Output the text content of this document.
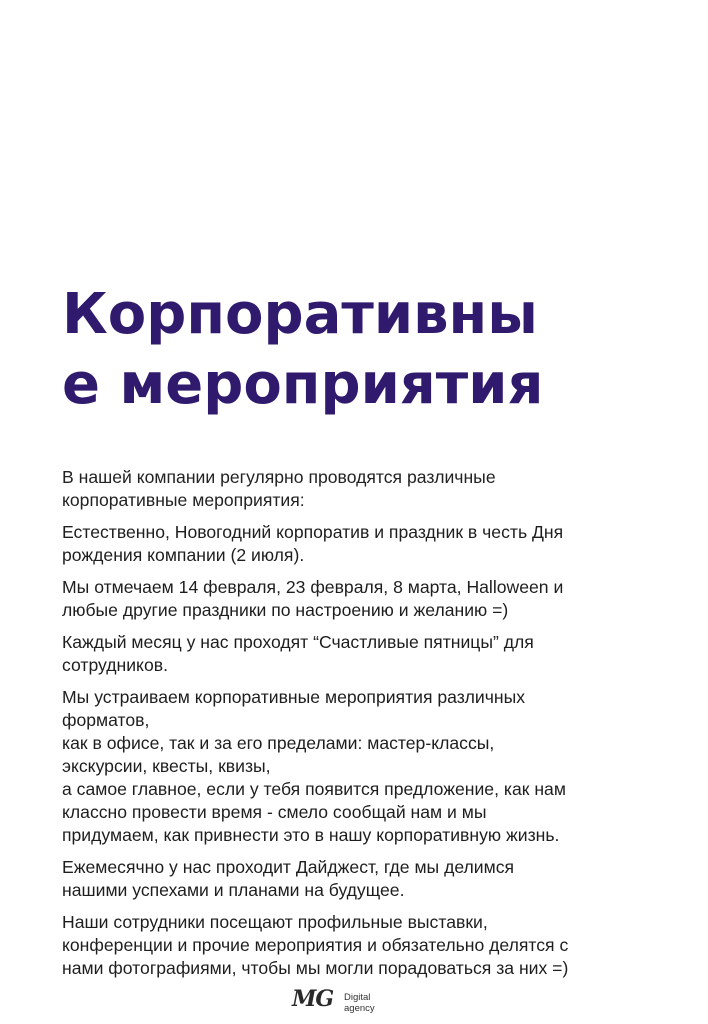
Корпоративны
е мероприятия

В нашей компании регулярно проводятся различные
корпоративные мероприятия:

Естественно, Новогодний корпоратив и праздник в честь Дня
рождения компании (2 июля).

Мы отмечаем 14 февраля, 23 февраля, 8 марта, Halloween и
любые другие праздники по настроению и желанию =)

Каждый месяц у нас проходят “Счастливые пятницы” для
сотрудников.

Мы устраиваем корпоративные мероприятия различных
форматов,
как в офисе, так и за его пределами: мастер-классы,
экскурсии, квесты, квизы,
а самое главное, если у тебя появится предложение, как нам
классно провести время - смело сообщай нам и мы
придумаем, как привнести это в нашу корпоративную жизнь.

Ежемесячно у нас проходит Дайджест, где мы делимся
нашими успехами и планами на будущее.

Наши сотрудники посещают профильные выставки,
конференции и прочие мероприятия и обязательно делятся с
нами фотографиями, чтобы мы могли порадоваться за них =)

MG Digital
agency
